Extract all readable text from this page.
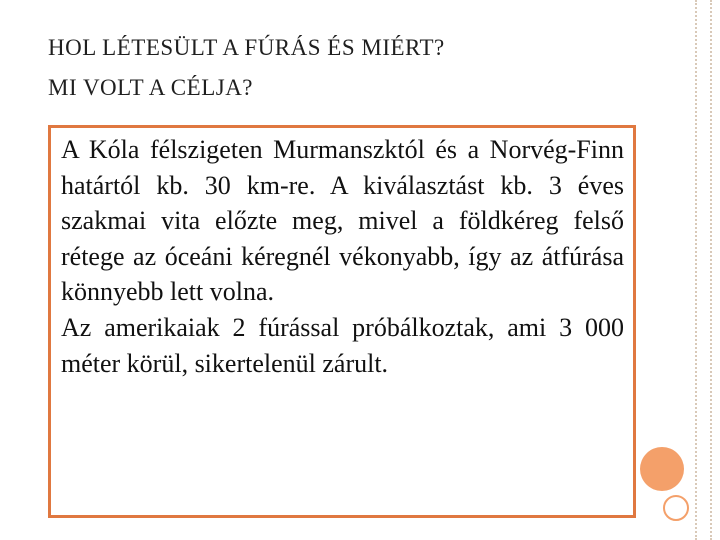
HOL LÉTESÜLT A FÚRÁS ÉS MIÉRT?
MI VOLT A CÉLJA?

A Kóla félszigeten Murmanszktól és a Norvég-Finn határtól kb. 30 km-re. A kiválasztást kb. 3 éves szakmai vita előzte meg, mivel a földkéreg felső rétege az óceáni kéregnél vékonyabb, így az átfúrása könnyebb lett volna.

Az amerikaiak 2 fúrással próbálkoztak, ami 3 000 méter körül, sikertelenül zárult.
